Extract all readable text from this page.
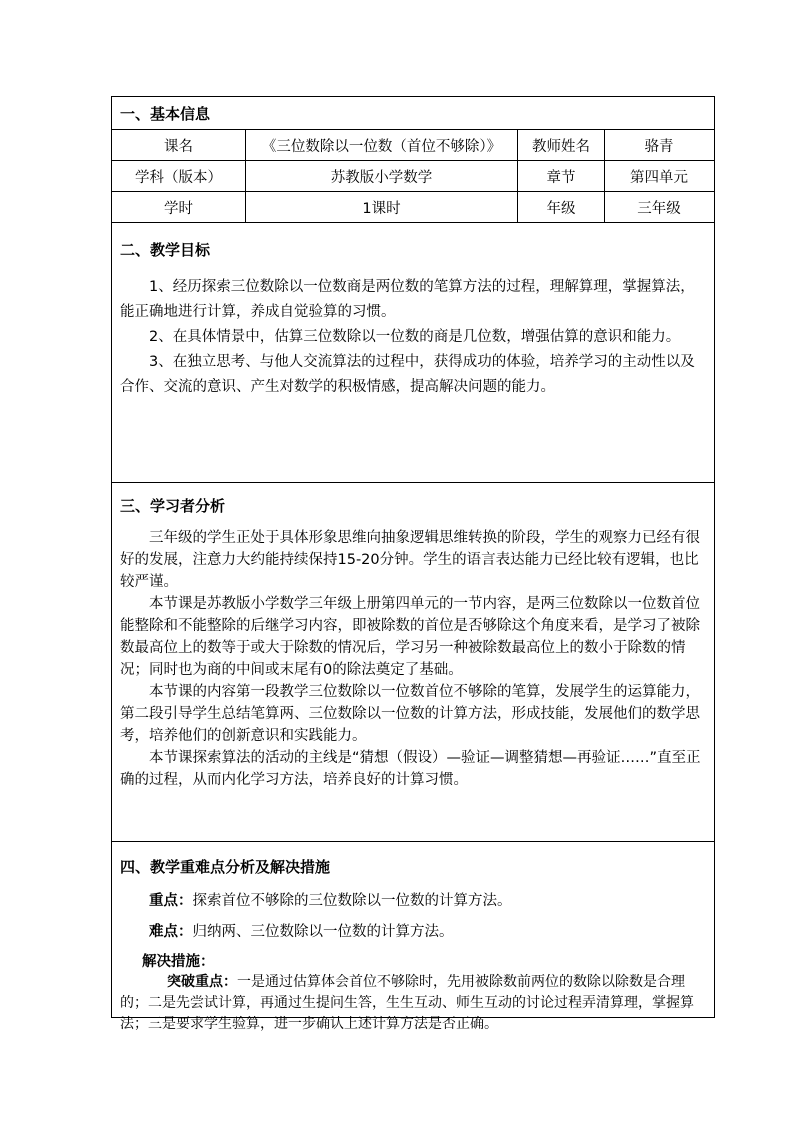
一、基本信息
课名	《三位数除以一位数（首位不够除）》	教师姓名	骆青
学科（版本）	苏教版小学数学	章节	第四单元
学时	1课时	年级	三年级
二、教学目标

1、经历探索三位数除以一位数商是两位数的笔算方法的过程，理解算理，掌握算法，能正确地进行计算，养成自觉验算的习惯。

2、在具体情景中，估算三位数除以一位数的商是几位数，增强估算的意识和能力。

3、在独立思考、与他人交流算法的过程中，获得成功的体验，培养学习的主动性以及合作、交流的意识、产生对数学的积极情感，提高解决问题的能力。

三、学习者分析

三年级的学生正处于具体形象思维向抽象逻辑思维转换的阶段，学生的观察力已经有很好的发展，注意力大约能持续保持15-20分钟。学生的语言表达能力已经比较有逻辑，也比较严谨。

本节课是苏教版小学数学三年级上册第四单元的一节内容，是两三位数除以一位数首位能整除和不能整除的后继学习内容，即被除数的首位是否够除这个角度来看，是学习了被除数最高位上的数等于或大于除数的情况后，学习另一种被除数最高位上的数小于除数的情况；同时也为商的中间或末尾有0的除法奠定了基础。

本节课的内容第一段教学三位数除以一位数首位不够除的笔算，发展学生的运算能力，第二段引导学生总结笔算两、三位数除以一位数的计算方法，形成技能，发展他们的数学思考，培养他们的创新意识和实践能力。

本节课探索算法的活动的主线是“猜想（假设）—验证—调整猜想—再验证……”直至正确的过程，从而内化学习方法，培养良好的计算习惯。

四、教学重难点分析及解决措施

重点：探索首位不够除的三位数除以一位数的计算方法。

难点：归纳两、三位数除以一位数的计算方法。

解决措施：

突破重点：一是通过估算体会首位不够除时，先用被除数前两位的数除以除数是合理的；二是先尝试计算，再通过生提问生答，生生互动、师生互动的讨论过程弄清算理，掌握算法；三是要求学生验算，进一步确认上述计算方法是否正确。
